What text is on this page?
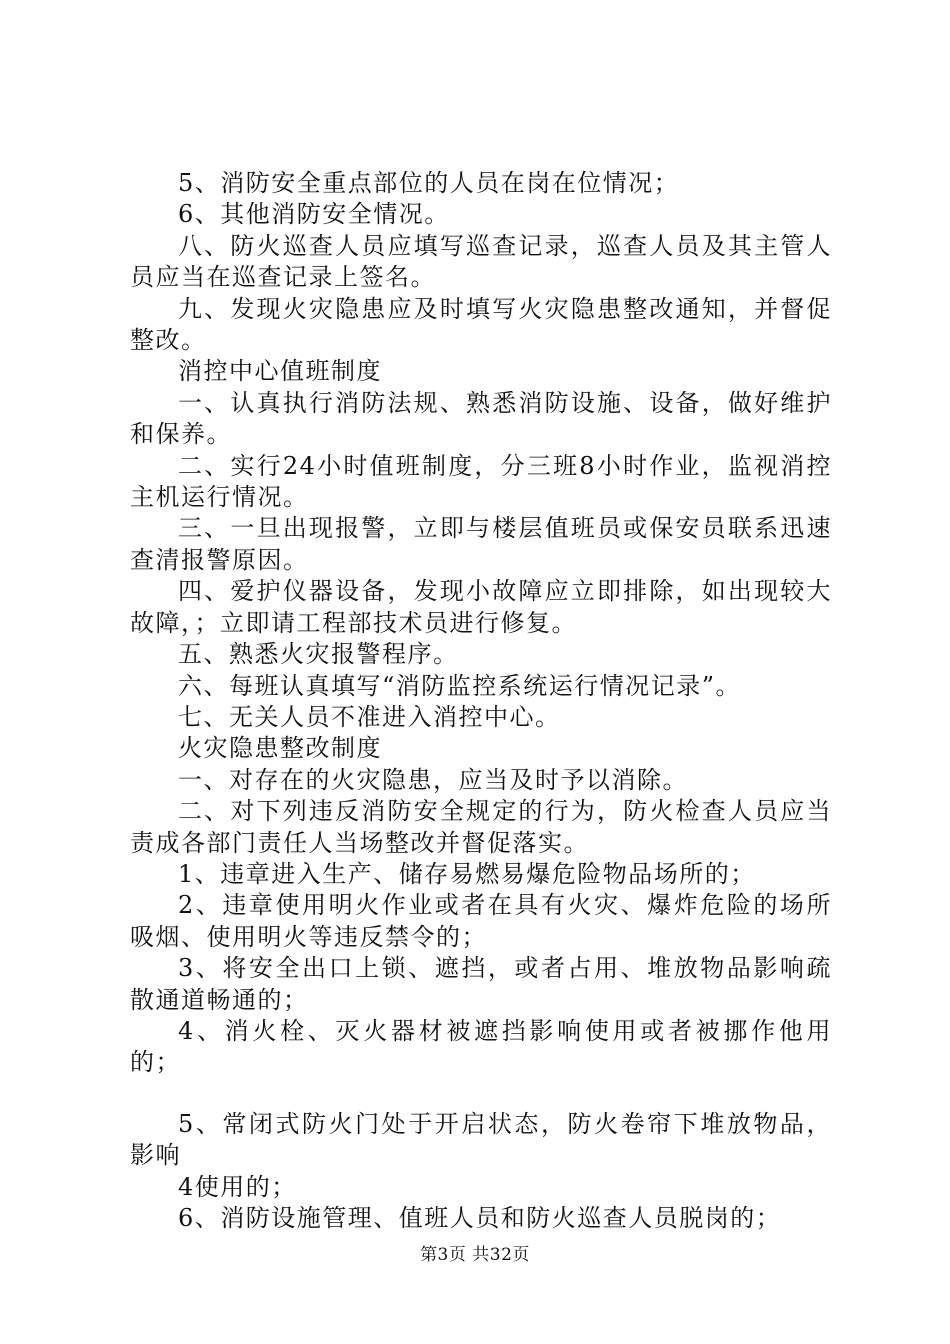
5、消防安全重点部位的人员在岗在位情况；

6、其他消防安全情况。

八、防火巡查人员应填写巡查记录，巡查人员及其主管人员应当在巡查记录上签名。

九、发现火灾隐患应及时填写火灾隐患整改通知，并督促整改。

消控中心值班制度

一、认真执行消防法规、熟悉消防设施、设备，做好维护和保养。

二、实行24小时值班制度，分三班8小时作业，监视消控主机运行情况。

三、一旦出现报警，立即与楼层值班员或保安员联系迅速查清报警原因。

四、爱护仪器设备，发现小故障应立即排除，如出现较大故障，；立即请工程部技术员进行修复。

五、熟悉火灾报警程序。

六、每班认真填写“消防监控系统运行情况记录”。

七、无关人员不准进入消控中心。

火灾隐患整改制度

一、对存在的火灾隐患，应当及时予以消除。

二、对下列违反消防安全规定的行为，防火检查人员应当责成各部门责任人当场整改并督促落实。

1、违章进入生产、储存易燃易爆危险物品场所的；

2、违章使用明火作业或者在具有火灾、爆炸危险的场所吸烟、使用明火等违反禁令的；

3、将安全出口上锁、遮挡，或者占用、堆放物品影响疏散通道畅通的；

4、消火栓、灭火器材被遮挡影响使用或者被挪作他用的；

5、常闭式防火门处于开启状态，防火卷帘下堆放物品，影响

4使用的；

6、消防设施管理、值班人员和防火巡查人员脱岗的；

第3页 共32页
